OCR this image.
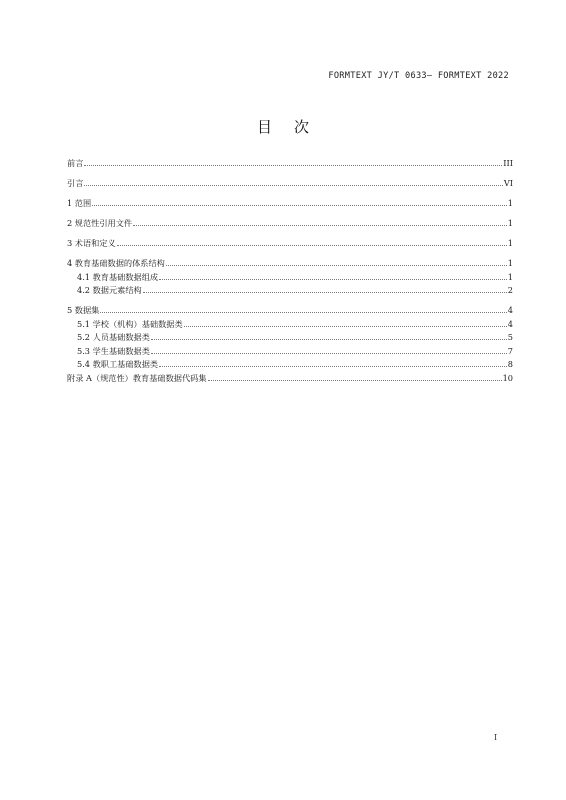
FORMTEXT JY/T 0633— FORMTEXT 2022
目次
前言	III
引言	VI
1 范围	1
2 规范性引用文件	1
3 术语和定义	1
4 教育基础数据的体系结构	1
4.1 教育基础数据组成	1
4.2 数据元素结构	2
5 数据集	4
5.1 学校（机构）基础数据类	4
5.2 人员基础数据类	5
5.3 学生基础数据类	7
5.4 教职工基础数据类	8
附录 A（规范性）教育基础数据代码集	10
I
